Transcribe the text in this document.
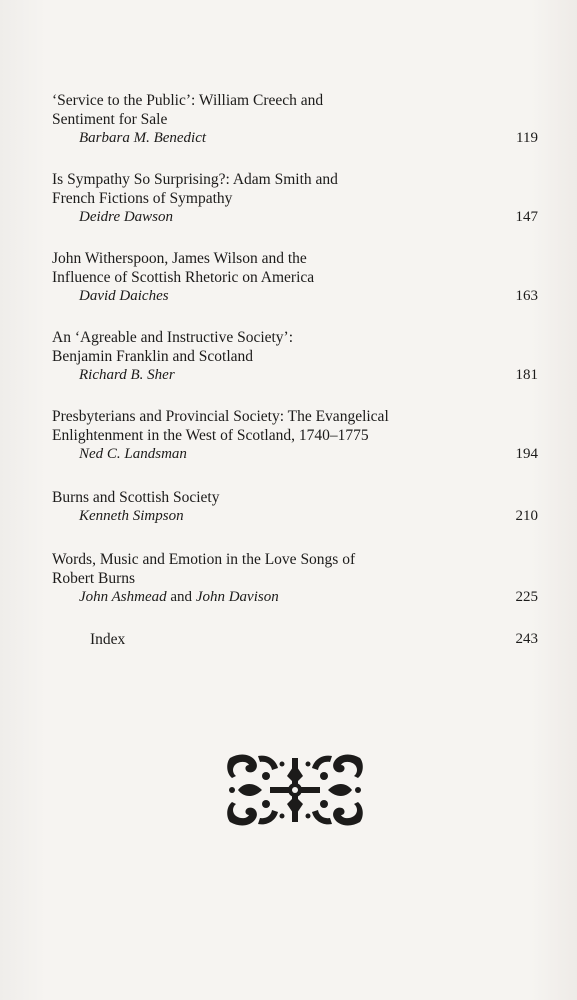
‘Service to the Public’: William Creech and
Sentiment for Sale
Barbara M. Benedict	119
Is Sympathy So Surprising?: Adam Smith and
French Fictions of Sympathy
Deidre Dawson	147
John Witherspoon, James Wilson and the
Influence of Scottish Rhetoric on America
David Daiches	163
An ‘Agreable and Instructive Society’:
Benjamin Franklin and Scotland
Richard B. Sher	181
Presbyterians and Provincial Society: The Evangelical
Enlightenment in the West of Scotland, 1740–1775
Ned C. Landsman	194
Burns and Scottish Society
Kenneth Simpson	210
Words, Music and Emotion in the Love Songs of
Robert Burns
John Ashmead and John Davison	225
Index	243
